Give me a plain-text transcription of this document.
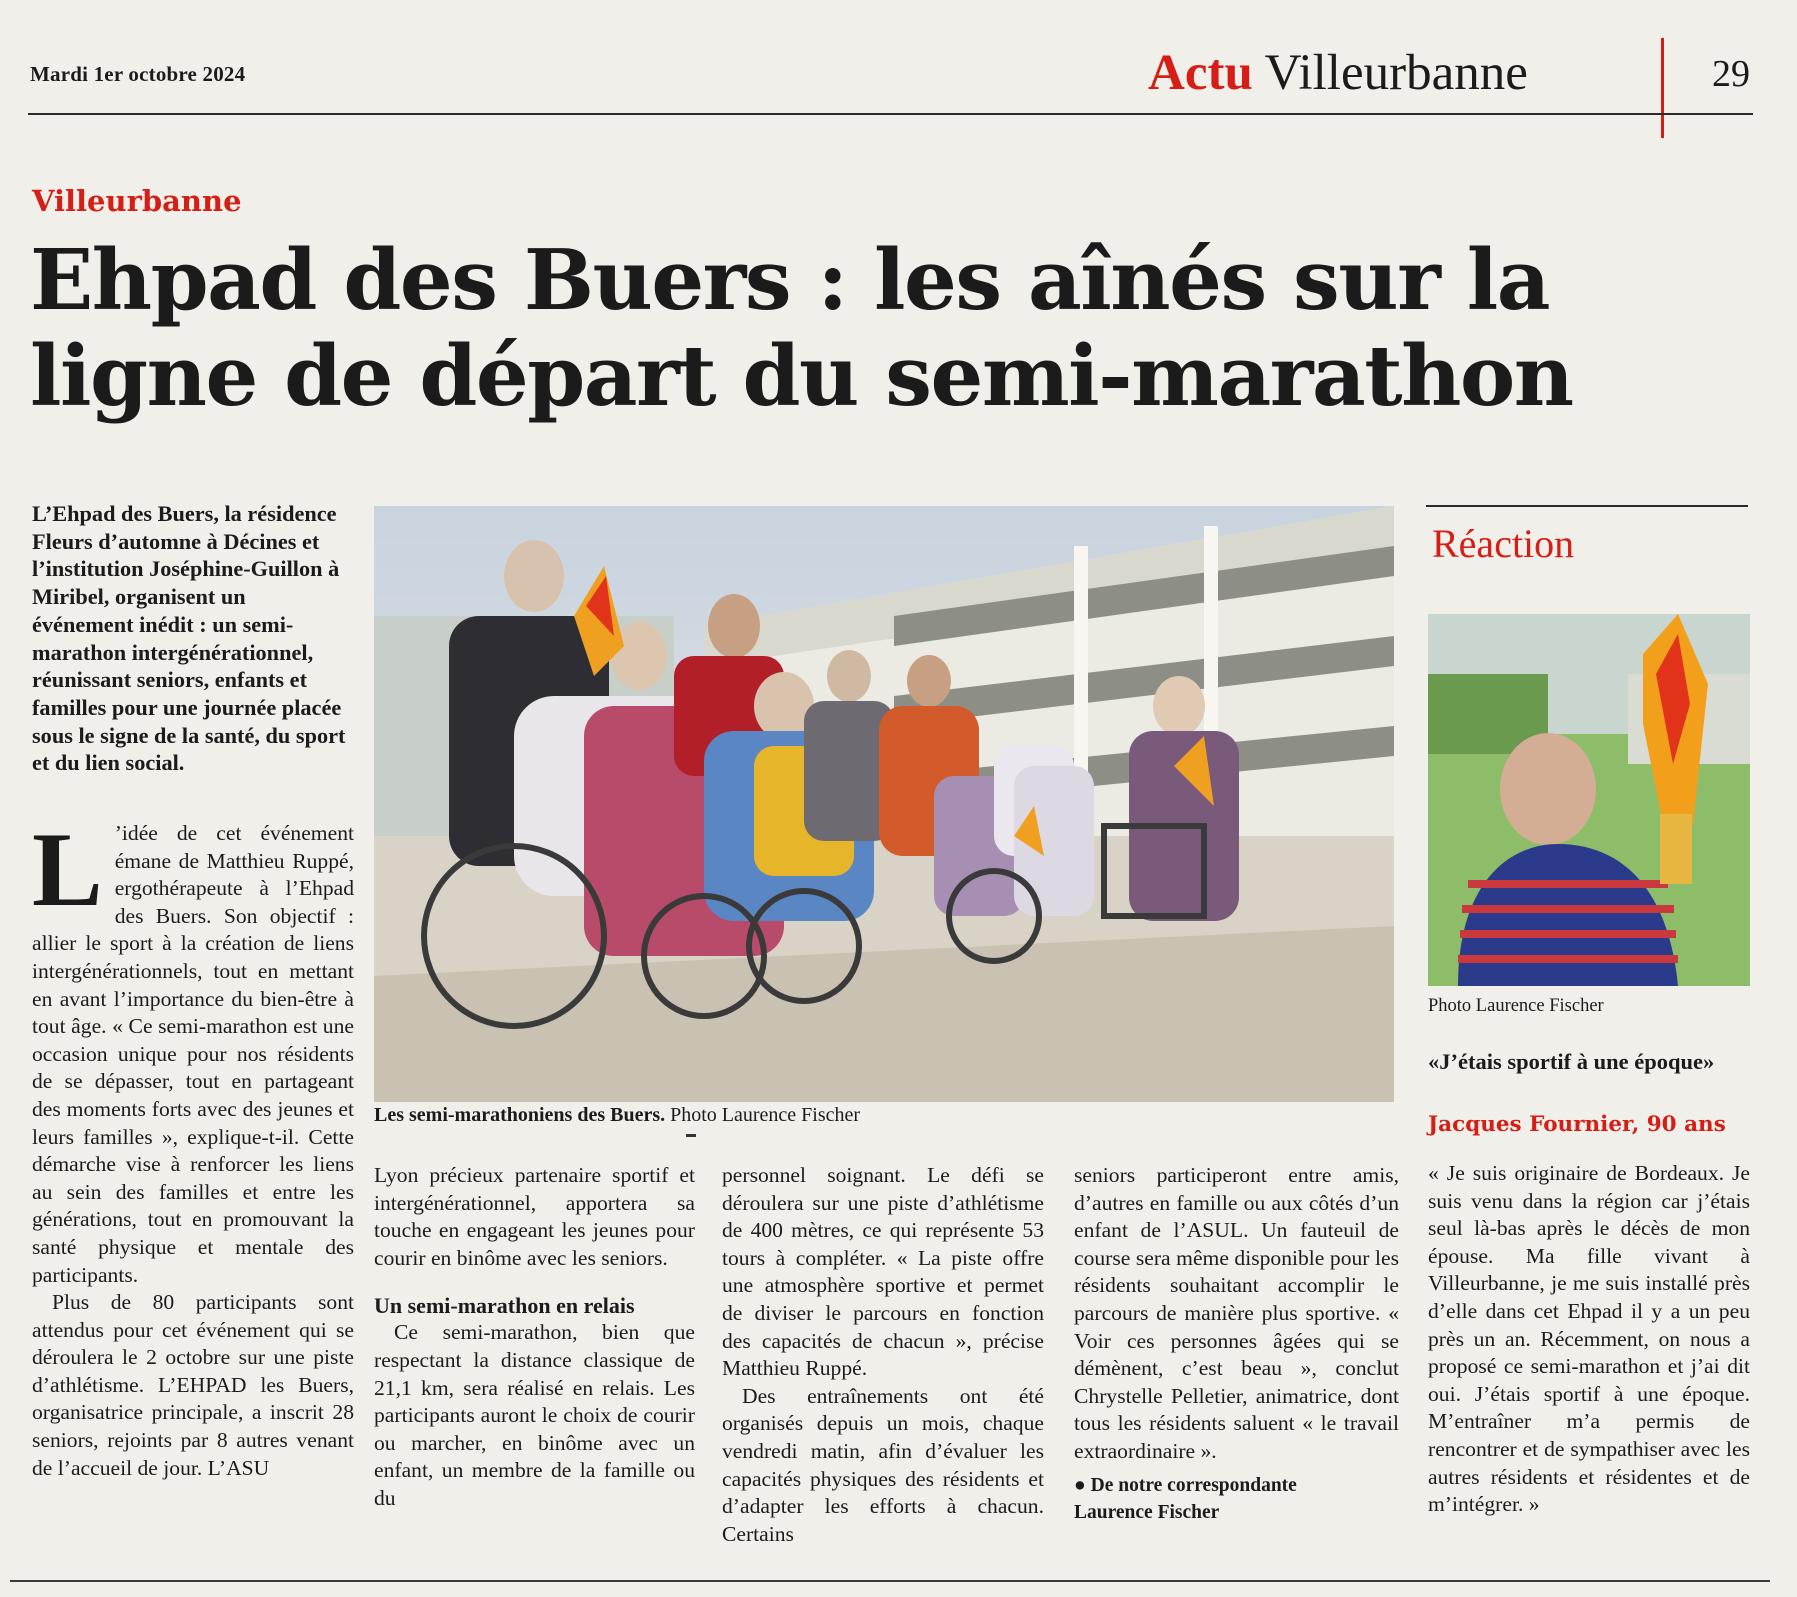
Mardi 1er octobre 2024	Actu Villeurbanne	29
Villeurbanne
Ehpad des Buers : les aînés sur la ligne de départ du semi-marathon
L’Ehpad des Buers, la résidence Fleurs d’automne à Décines et l’institution Joséphine-Guillon à Miribel, organisent un événement inédit : un semi-marathon intergénérationnel, réunissant seniors, enfants et familles pour une journée placée sous le signe de la santé, du sport et du lien social.

L ’idée de cet événement émane de Matthieu Ruppé, ergothérapeute à l’Ehpad des Buers. Son objectif : allier le sport à la création de liens intergénérationnels, tout en mettant en avant l’importance du bien-être à tout âge. « Ce semi-marathon est une occasion unique pour nos résidents de se dépasser, tout en partageant des moments forts avec des jeunes et leurs familles », explique-t-il. Cette démarche vise à renforcer les liens au sein des familles et entre les générations, tout en promouvant la santé physique et mentale des participants.

Plus de 80 participants sont attendus pour cet événement qui se déroulera le 2 octobre sur une piste d’athlétisme. L’EHPAD les Buers, organisatrice principale, a inscrit 28 seniors, rejoints par 8 autres venant de l’accueil de jour. L’ASU

Les semi-marathoniens des Buers. Photo Laurence Fischer

Lyon précieux partenaire sportif et intergénérationnel, apportera sa touche en engageant les jeunes pour courir en binôme avec les seniors.

Un semi-marathon en relais

Ce semi-marathon, bien que respectant la distance classique de 21,1 km, sera réalisé en relais. Les participants auront le choix de courir ou marcher, en binôme avec un enfant, un membre de la famille ou du

personnel soignant. Le défi se déroulera sur une piste d’athlétisme de 400 mètres, ce qui représente 53 tours à compléter. « La piste offre une atmosphère sportive et permet de diviser le parcours en fonction des capacités de chacun », précise Matthieu Ruppé.

Des entraînements ont été organisés depuis un mois, chaque vendredi matin, afin d’évaluer les capacités physiques des résidents et d’adapter les efforts à chacun. Certains

seniors participeront entre amis, d’autres en famille ou aux côtés d’un enfant de l’ASUL. Un fauteuil de course sera même disponible pour les résidents souhaitant accomplir le parcours de manière plus sportive. « Voir ces personnes âgées qui se démènent, c’est beau », conclut Chrystelle Pelletier, animatrice, dont tous les résidents saluent « le travail extraordinaire ».

● De notre correspondante

Laurence Fischer

Réaction
Photo Laurence Fischer
«J’étais sportif à une époque»
Jacques Fournier, 90 ans
« Je suis originaire de Bordeaux. Je suis venu dans la région car j’étais seul là-bas après le décès de mon épouse. Ma fille vivant à Villeurbanne, je me suis installé près d’elle dans cet Ehpad il y a un peu près un an. Récemment, on nous a proposé ce semi-marathon et j’ai dit oui. J’étais sportif à une époque. M’entraîner m’a permis de rencontrer et de sympathiser avec les autres résidents et résidentes et de m’intégrer. »
